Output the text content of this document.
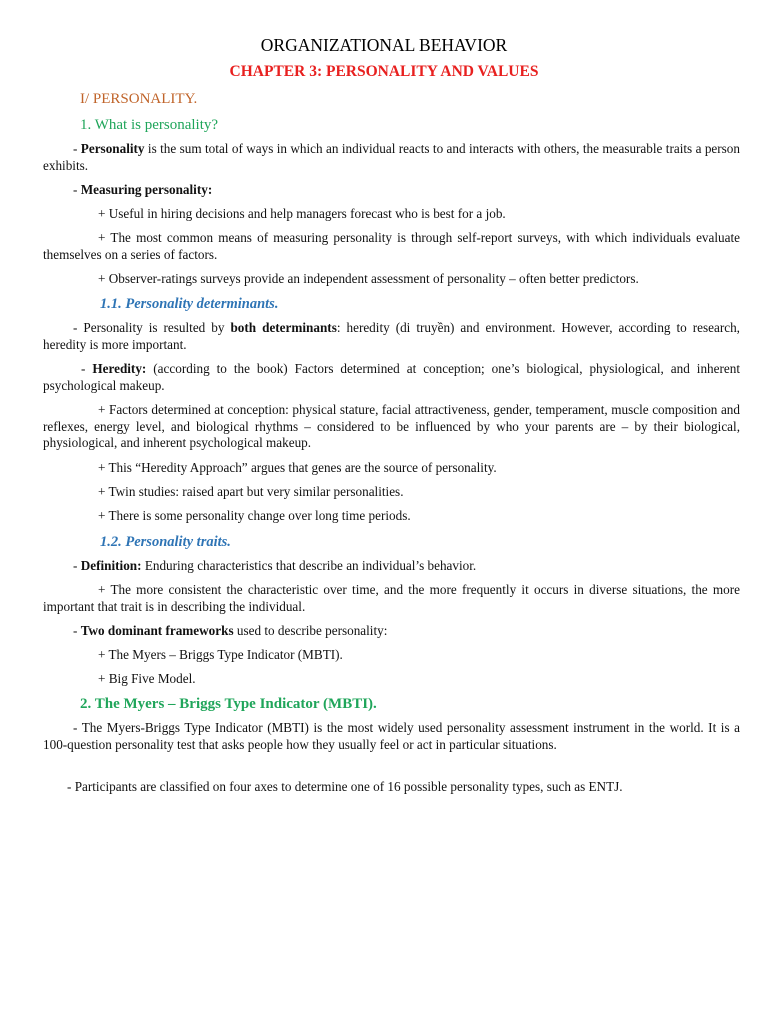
ORGANIZATIONAL BEHAVIOR

CHAPTER 3: PERSONALITY AND VALUES

I/ PERSONALITY.

1. What is personality?

- Personality is the sum total of ways in which an individual reacts to and interacts with others, the measurable traits a person exhibits.

- Measuring personality:

+ Useful in hiring decisions and help managers forecast who is best for a job.

+ The most common means of measuring personality is through self-report surveys, with which individuals evaluate themselves on a series of factors.

+ Observer-ratings surveys provide an independent assessment of personality – often better predictors.

1.1. Personality determinants.

- Personality is resulted by both determinants: heredity (di truyền) and environment. However, according to research, heredity is more important.

- Heredity: (according to the book) Factors determined at conception; one’s biological, physiological, and inherent psychological makeup.

+ Factors determined at conception: physical stature, facial attractiveness, gender, temperament, muscle composition and reflexes, energy level, and biological rhythms – considered to be influenced by who your parents are – by their biological, physiological, and inherent psychological makeup.

+ This “Heredity Approach” argues that genes are the source of personality.

+ Twin studies: raised apart but very similar personalities.

+ There is some personality change over long time periods.

1.2. Personality traits.

- Definition: Enduring characteristics that describe an individual’s behavior.

+ The more consistent the characteristic over time, and the more frequently it occurs in diverse situations, the more important that trait is in describing the individual.

- Two dominant frameworks used to describe personality:

+ The Myers – Briggs Type Indicator (MBTI).

+ Big Five Model.

2. The Myers – Briggs Type Indicator (MBTI).

- The Myers-Briggs Type Indicator (MBTI) is the most widely used personality assessment instrument in the world. It is a 100-question personality test that asks people how they usually feel or act in particular situations.

- Participants are classified on four axes to determine one of 16 possible personality types, such as ENTJ.
